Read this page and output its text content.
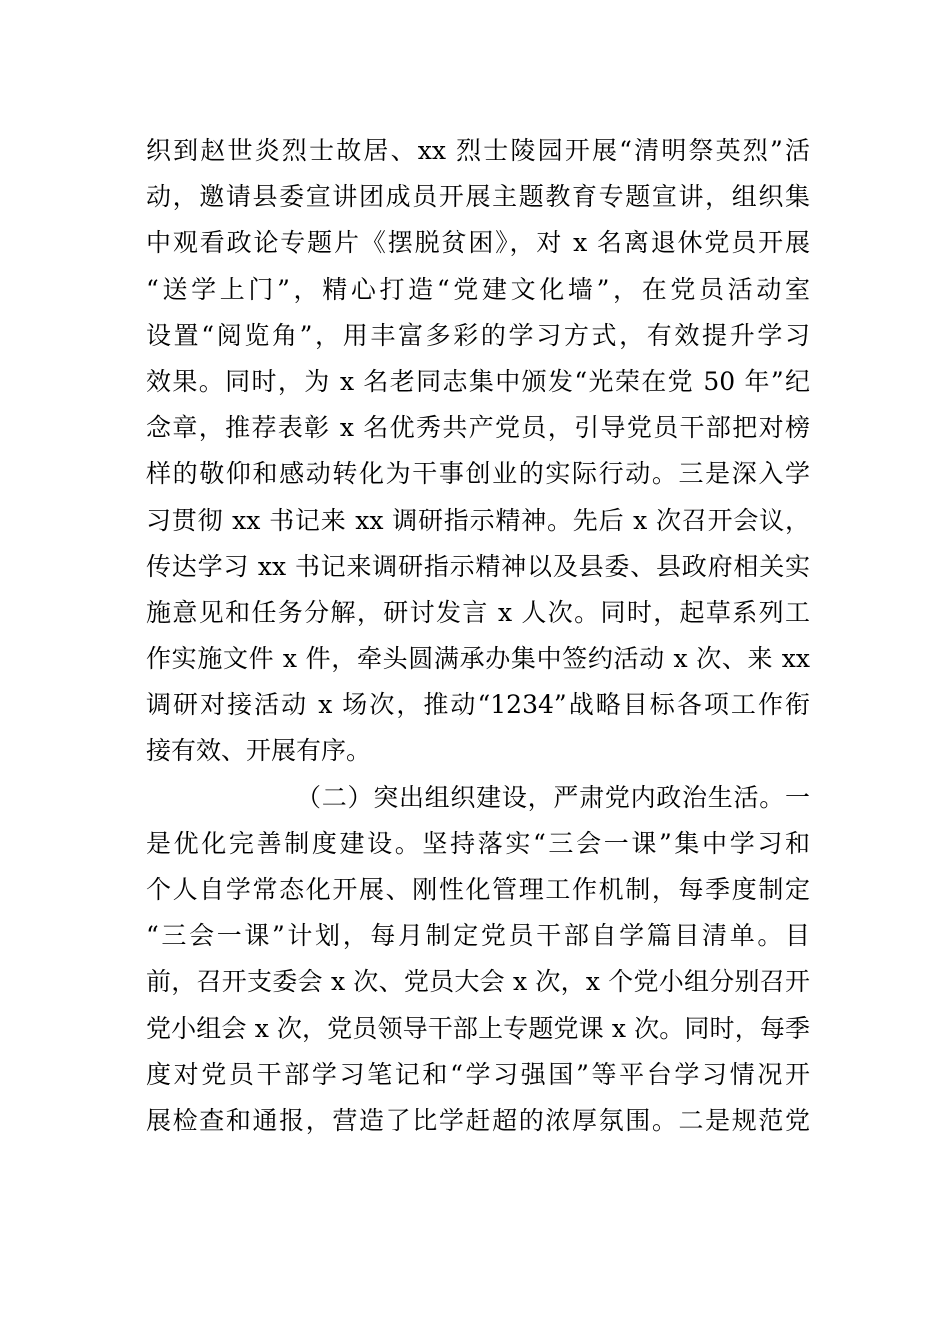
织到赵世炎烈士故居、xx 烈士陵园开展“清明祭英烈”活
动，邀请县委宣讲团成员开展主题教育专题宣讲，组织集
中观看政论专题片《摆脱贫困》，对 x 名离退休党员开展
“送学上门”，精心打造“党建文化墙”，在党员活动室
设置“阅览角”，用丰富多彩的学习方式，有效提升学习
效果。同时，为 x 名老同志集中颁发“光荣在党 50 年”纪
念章，推荐表彰 x 名优秀共产党员，引导党员干部把对榜
样的敬仰和感动转化为干事创业的实际行动。三是深入学
习贯彻 xx 书记来 xx 调研指示精神。先后 x 次召开会议，
传达学习 xx 书记来调研指示精神以及县委、县政府相关实
施意见和任务分解，研讨发言 x 人次。同时，起草系列工
作实施文件 x 件，牵头圆满承办集中签约活动 x 次、来 xx
调研对接活动 x 场次，推动“1234”战略目标各项工作衔
接有效、开展有序。
（二）突出组织建设，严肃党内政治生活。一
是优化完善制度建设。坚持落实“三会一课”集中学习和
个人自学常态化开展、刚性化管理工作机制，每季度制定
“三会一课”计划，每月制定党员干部自学篇目清单。目
前，召开支委会 x 次、党员大会 x 次，x 个党小组分别召开
党小组会 x 次，党员领导干部上专题党课 x 次。同时，每季
度对党员干部学习笔记和“学习强国”等平台学习情况开
展检查和通报，营造了比学赶超的浓厚氛围。二是规范党
